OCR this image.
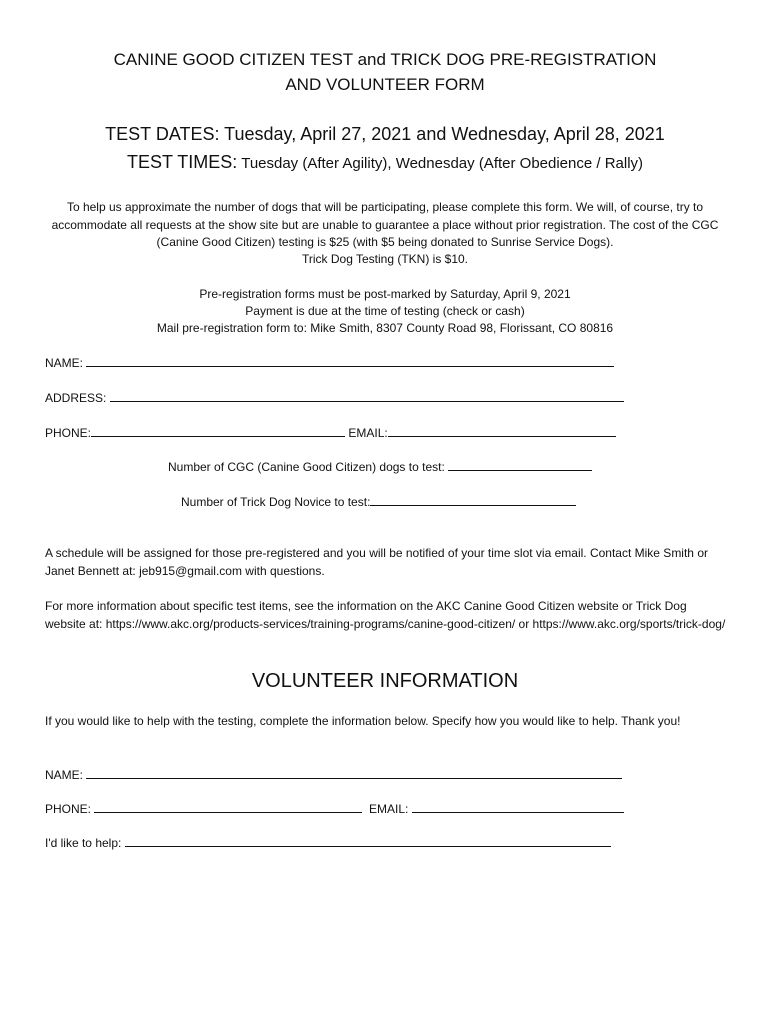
CANINE GOOD CITIZEN TEST and TRICK DOG PRE-REGISTRATION
AND VOLUNTEER FORM
TEST DATES: Tuesday, April 27, 2021 and Wednesday, April 28, 2021
TEST TIMES: Tuesday (After Agility), Wednesday (After Obedience / Rally)
To help us approximate the number of dogs that will be participating, please complete this form. We will, of course, try to accommodate all requests at the show site but are unable to guarantee a place without prior registration. The cost of the CGC (Canine Good Citizen) testing is $25 (with $5 being donated to Sunrise Service Dogs).
Trick Dog Testing (TKN) is $10.
Pre-registration forms must be post-marked by Saturday, April 9, 2021
Payment is due at the time of testing (check or cash)
Mail pre-registration form to: Mike Smith, 8307 County Road 98, Florissant, CO 80816
NAME:
ADDRESS:
PHONE:	EMAIL:
Number of CGC (Canine Good Citizen) dogs to test:
Number of Trick Dog Novice to test:
A schedule will be assigned for those pre-registered and you will be notified of your time slot via email. Contact Mike Smith or Janet Bennett at: jeb915@gmail.com with questions.
For more information about specific test items, see the information on the AKC Canine Good Citizen website or Trick Dog website at: https://www.akc.org/products-services/training-programs/canine-good-citizen/ or https://www.akc.org/sports/trick-dog/
VOLUNTEER INFORMATION
If you would like to help with the testing, complete the information below. Specify how you would like to help. Thank you!
NAME:
PHONE:	EMAIL:
I'd like to help:
